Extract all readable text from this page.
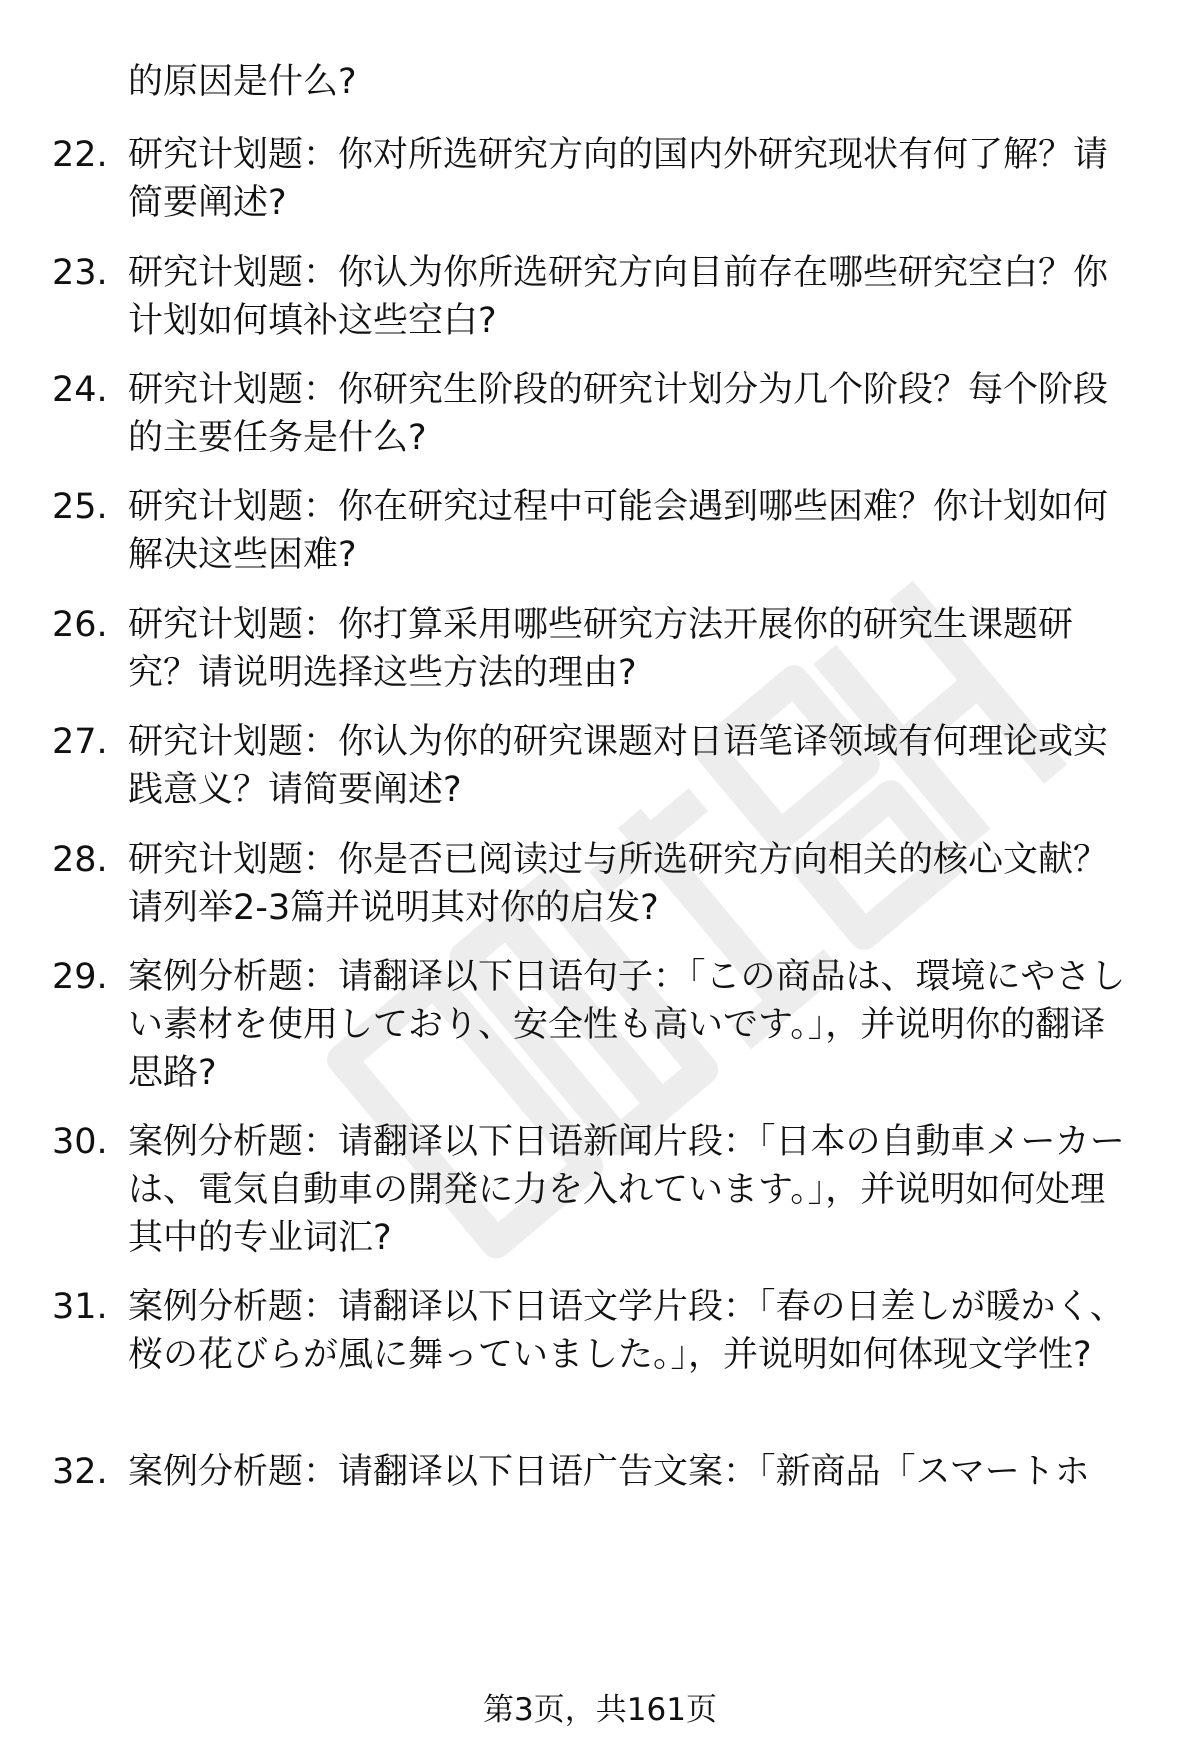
的原因是什么?
22. 研究计划题：你对所选研究方向的国内外研究现状有何了解？请简要阐述?
23. 研究计划题：你认为你所选研究方向目前存在哪些研究空白？你计划如何填补这些空白?
24. 研究计划题：你研究生阶段的研究计划分为几个阶段？每个阶段的主要任务是什么?
25. 研究计划题：你在研究过程中可能会遇到哪些困难？你计划如何解决这些困难?
26. 研究计划题：你打算采用哪些研究方法开展你的研究生课题研究？请说明选择这些方法的理由?
27. 研究计划题：你认为你的研究课题对日语笔译领域有何理论或实践意义？请简要阐述?
28. 研究计划题：你是否已阅读过与所选研究方向相关的核心文献？请列举2-3篇并说明其对你的启发?
29. 案例分析题：请翻译以下日语句子：「この商品は、環境にやさしい素材を使用しており、安全性も高いです。」，并说明你的翻译思路?
30. 案例分析题：请翻译以下日语新闻片段：「日本の自動車メーカーは、電気自動車の開発に力を入れています。」，并说明如何处理其中的专业词汇?
31. 案例分析题：请翻译以下日语文学片段：「春の日差しが暖かく、桜の花びらが風に舞っていました。」，并说明如何体现文学性?
32. 案例分析题：请翻译以下日语广告文案：「新商品「スマートホ
第3页，共161页
